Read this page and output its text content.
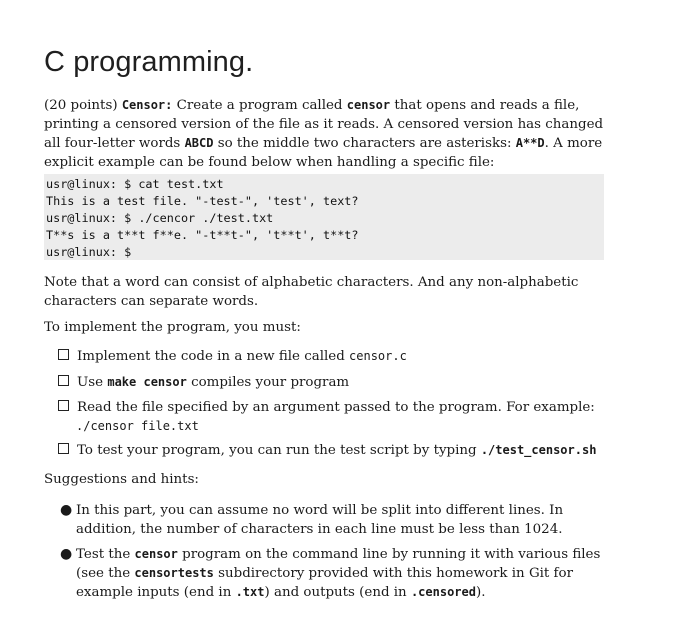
C programming.
(20 points) Censor: Create a program called censor that opens and reads a file, printing a censored version of the file as it reads. A censored version has changed all four-letter words ABCD so the middle two characters are asterisks: A**D. A more explicit example can be found below when handling a specific file:
usr@linux: $ cat test.txt
This is a test file. "-test-", 'test', text?
usr@linux: $ ./cencor ./test.txt
T**s is a t**t f**e. "-t**t-", 't**t', t**t?
usr@linux: $
Note that a word can consist of alphabetic characters. And any non-alphabetic characters can separate words.
To implement the program, you must:
Implement the code in a new file called censor.c
Use make censor compiles your program
Read the file specified by an argument passed to the program. For example:
./censor file.txt
To test your program, you can run the test script by typing ./test_censor.sh
Suggestions and hints:
● In this part, you can assume no word will be split into different lines. In addition, the number of characters in each line must be less than 1024.
● Test the censor program on the command line by running it with various files (see the censortests subdirectory provided with this homework in Git for example inputs (end in .txt) and outputs (end in .censored).
